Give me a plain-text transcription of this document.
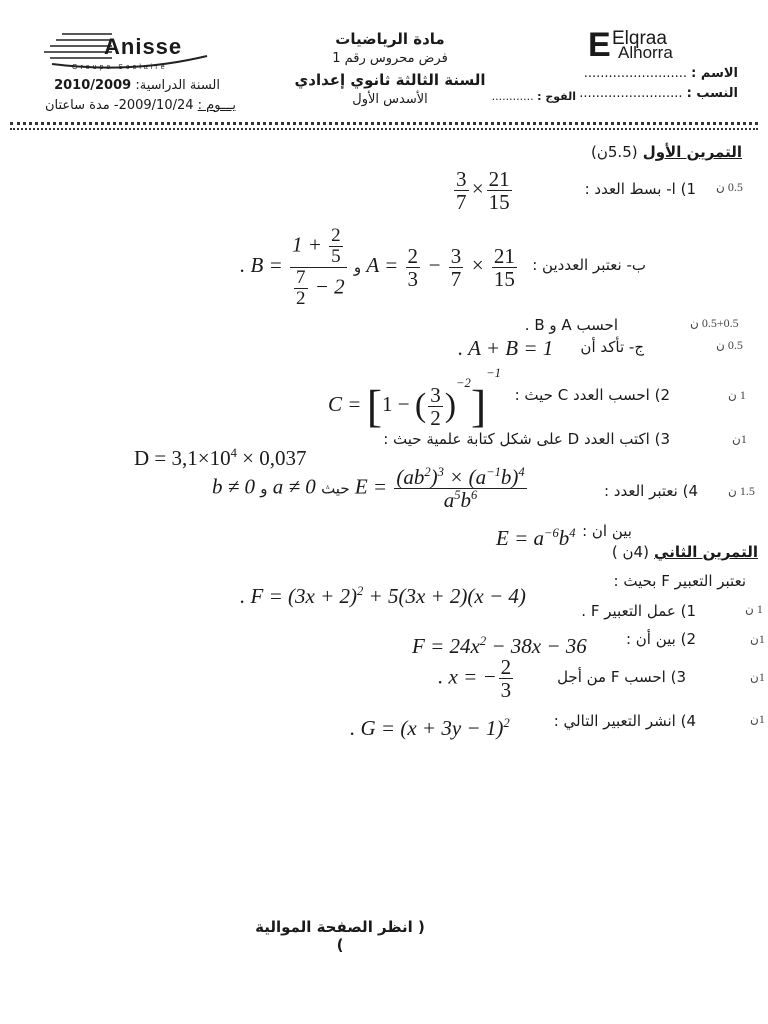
Anisse
Groupe Scolaire
السنة الدراسية: 2010/2009
يـــوم : 2009/10/24- مدة ساعتان
مادة الرياضيات
فرض محروس رقم 1
السنة الثالثة ثانوي إعدادي
الأسدس الأول
E Elqraa
Alhorra
الاسم : .........................
النسب : .........................
الفوج : ............
التمرين الأول (5.5ن)
0.5 ن
1) ا- بسط العدد :
$\frac{3}{7} \times \frac{21}{15}$
ب- نعتبر العددين :
. $B = \frac{1 + \frac{2}{5}}{\frac{7}{2} - 2}$ و $A = \frac{2}{3} - \frac{3}{7} \times \frac{21}{15}$
0.5+0.5 ن
احسب A و B .
0.5 ن
ج- تأكد أن
. A + B = 1
1 ن
2) احسب العدد C حيث :
C = [1 − ( $\frac{3}{2} )^{-2}]^{-1}$
1ن
3) اكتب العدد D على شكل كتابة علمية حيث :
$D = 3,1\times 10^4 \times 0,037$
1.5 ن
4) نعتبر العدد :
b ≠ 0 و a ≠ 0 حيث $E = \frac{(ab^2)^3 \times (a^{-1}b)^4}{a^5b^6}$
بين ان :
$E = a^{-6}b^4$
التمرين الثاني (4ن )
نعتبر التعبير F بحيث :
. $F = (3x + 2)^2 + 5(3x + 2)(x - 4)$
1 ن
1) عمل التعبير F .
1ن
2) بين أن :
$F = 24x^2 - 38x - 36$
1ن
3) احسب F من أجل
. x = − $\frac{2}{3}$
1ن
4) انشر التعبير التالي :
. $G = (x + 3y - 1)^2$
( انظر الصفحة الموالية )
